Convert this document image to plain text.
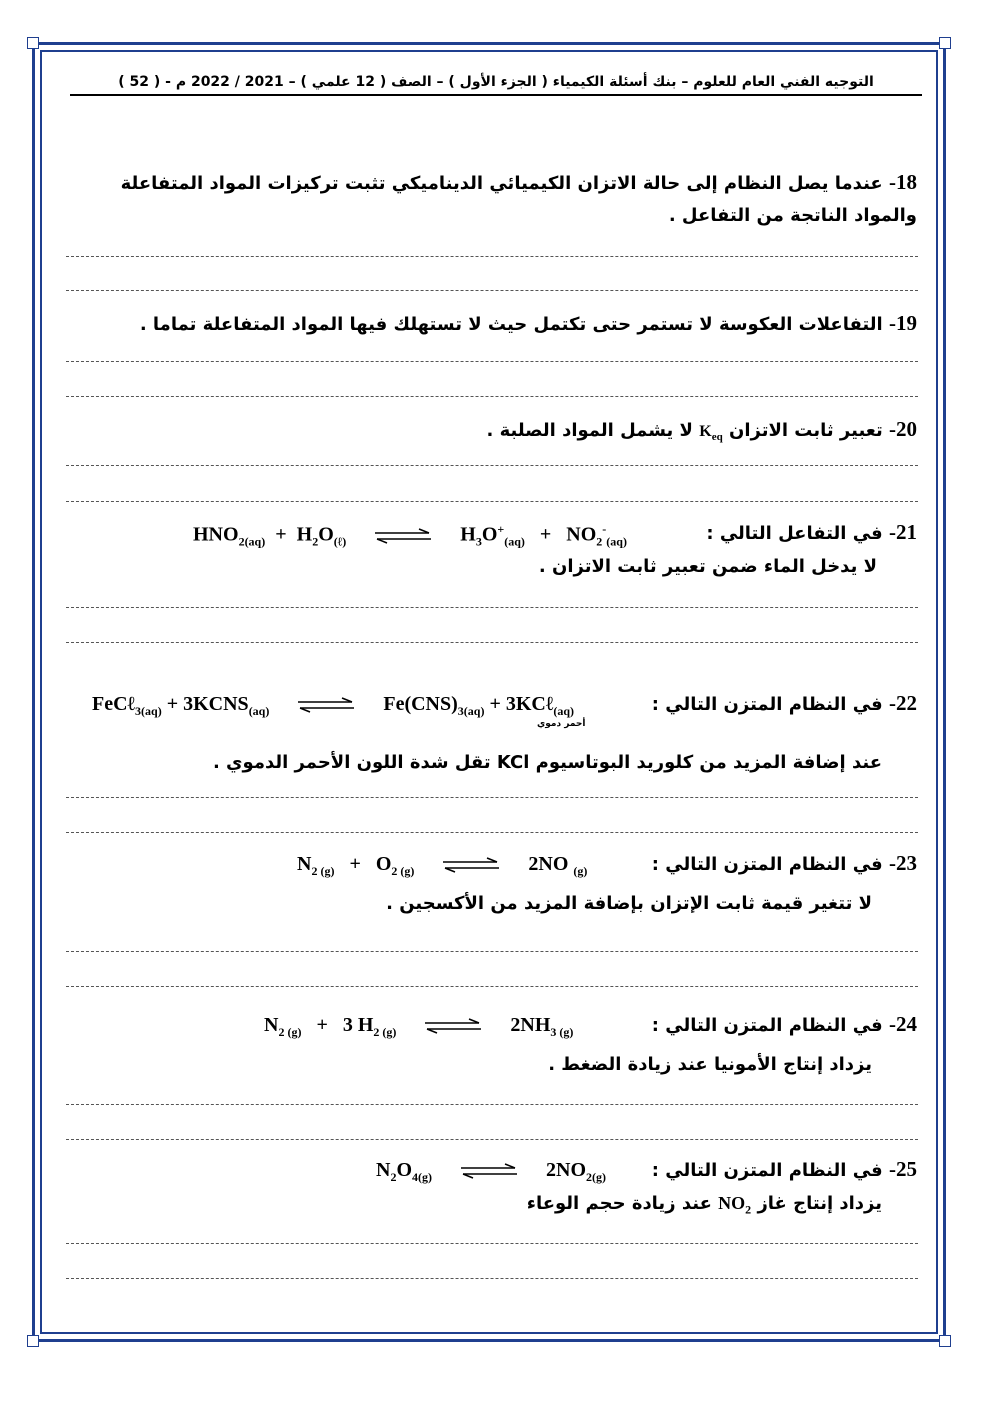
التوجيه الفني العام للعلوم – بنك أسئلة الكيمياء ( الجزء الأول ) – الصف ( 12 علمي ) – 2021 / 2022 م - ( 52 )
18- عندما يصل النظام إلى حالة الاتزان الكيميائي الديناميكي تثبت تركيزات المواد المتفاعلة والمواد الناتجة من التفاعل .
19- التفاعلات العكوسة لا تستمر حتى تكتمل حيث لا تستهلك فيها المواد المتفاعلة تماما .
20- تعبير ثابت الاتزان $K_{eq}$ لا يشمل المواد الصلبة .
21- في التفاعل التالي :
$HNO_{2(aq)} + H_2O_{(\ell)}$ ⇌ $H_3O^+_{(aq)} + NO_2^-_{(aq)}$
لا يدخل الماء ضمن تعبير ثابت الاتزان .
22- في النظام المتزن التالي :
FeCℓ$_{3(aq)}$ + $3KCNS_{(aq)}$ ⇌ $Fe(CNS)_{3(aq)}$ + 3KCℓ$_{(aq)}$
أحمر دموي
عند إضافة المزيد من كلوريد البوتاسيوم KCl تقل شدة اللون الأحمر الدموي .
23- في النظام المتزن التالي :
$N_{2 (g)} + O_{2 (g)}$ ⇌ 2NO $_{(g)}$
لا تتغير قيمة ثابت الإتزان بإضافة المزيد من الأكسجين .
24- في النظام المتزن التالي :
$N_{2 (g)} + 3$ $H_{2 (g)}$ ⇌ $2NH_{3 (g)}$
يزداد إنتاج الأمونيا عند زيادة الضغط .
25- في النظام المتزن التالي :
$N_2O_{4(g)}$ ⇌ $2NO_{2(g)}$
يزداد إنتاج غاز $NO_2$ عند زيادة حجم الوعاء
